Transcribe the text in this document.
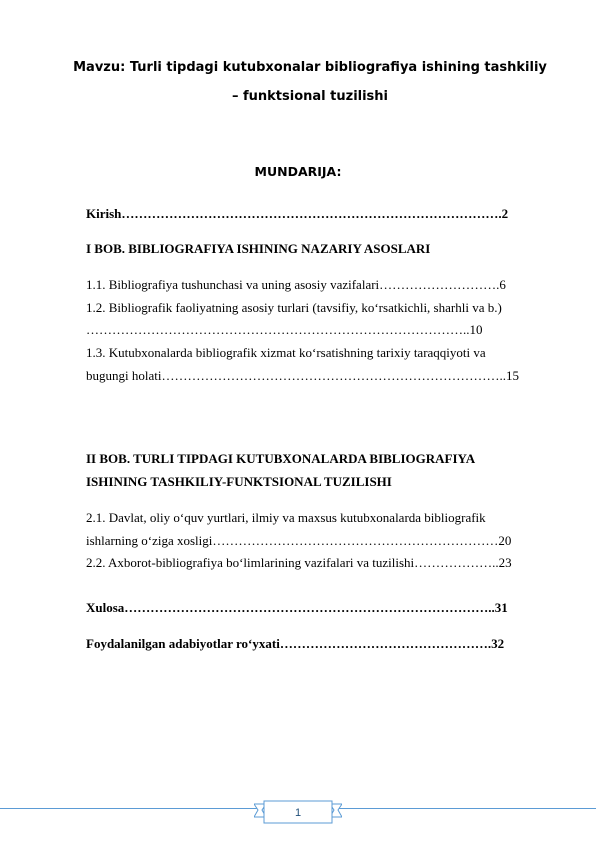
Mavzu: Turli tipdagi kutubxonalar bibliografiya ishining tashkiliy
– funktsional tuzilishi
MUNDARIJA:
Kirish…………………………………………………………………………….2
I BOB. BIBLIOGRAFIYA ISHINING NAZARIY ASOSLARI
1.1. Bibliografiya tushunchasi va uning asosiy vazifalari……………………….6
1.2. Bibliografik faoliyatning asosiy turlari (tavsifiy, koʻrsatkichli, sharhli va b.)
……………………………………………………………………………..10
1.3. Kutubxonalarda bibliografik xizmat koʻrsatishning tarixiy taraqqiyoti va
bugungi holati……………………………………………………………………..15
II BOB. TURLI TIPDAGI KUTUBXONALARDA BIBLIOGRAFIYA
ISHINING TASHKILIY-FUNKTSIONAL TUZILISHI
2.1. Davlat, oliy oʻquv yurtlari, ilmiy va maxsus kutubxonalarda bibliografik
ishlarning oʻziga xosligi…………………………………………………………20
2.2. Axborot-bibliografiya boʻlimlarining vazifalari va tuzilishi………………..23
Xulosa…………………………………………………………………………..31
Foydalanilgan adabiyotlar roʻyxati………………………………………….32
1
